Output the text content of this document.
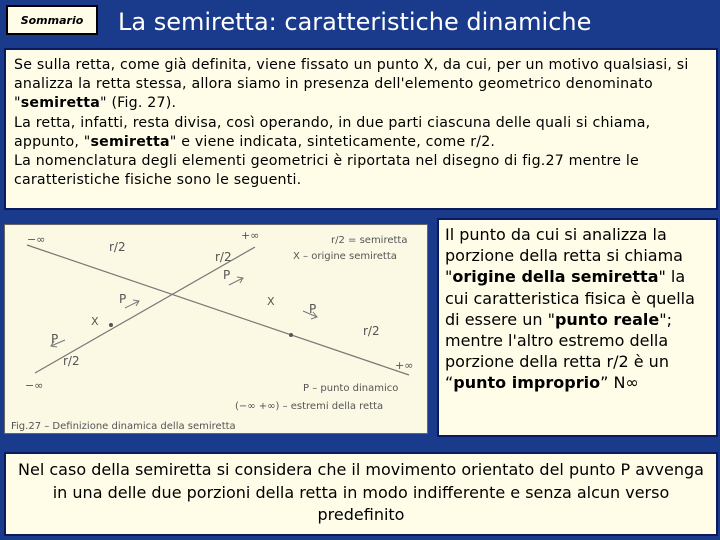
Sommario	La semiretta: caratteristiche dinamiche

Se sulla retta, come già definita, viene fissato un punto X, da cui, per un motivo qualsiasi, si analizza la retta stessa, allora siamo in presenza dell'elemento geometrico denominato "semiretta" (Fig. 27).

La retta, infatti, resta divisa, così operando, in due parti ciascuna delle quali si chiama, appunto, "semiretta" e viene indicata, sinteticamente, come r/2.

La nomenclatura degli elementi geometrici è riportata nel disegno di fig.27 mentre le caratteristiche fisiche sono le seguenti.

−∞
r/2
+∞
r/2
r/2 = semiretta
X – origine semiretta
P
P
X
X
P
P
r/2
r/2
+∞
−∞	P – punto dinamico
(−∞ +∞) – estremi della retta
Fig.27 – Definizione dinamica della semiretta
Il punto da cui si analizza la porzione della retta si chiama "origine della semiretta" la cui caratteristica fisica è quella di essere un "punto reale"; mentre l'altro estremo della porzione della retta r/2 è un “punto improprio” N∞
Nel caso della semiretta si considera che il movimento orientato del punto P avvenga in una delle due porzioni della retta in modo indifferente e senza alcun verso predefinito
